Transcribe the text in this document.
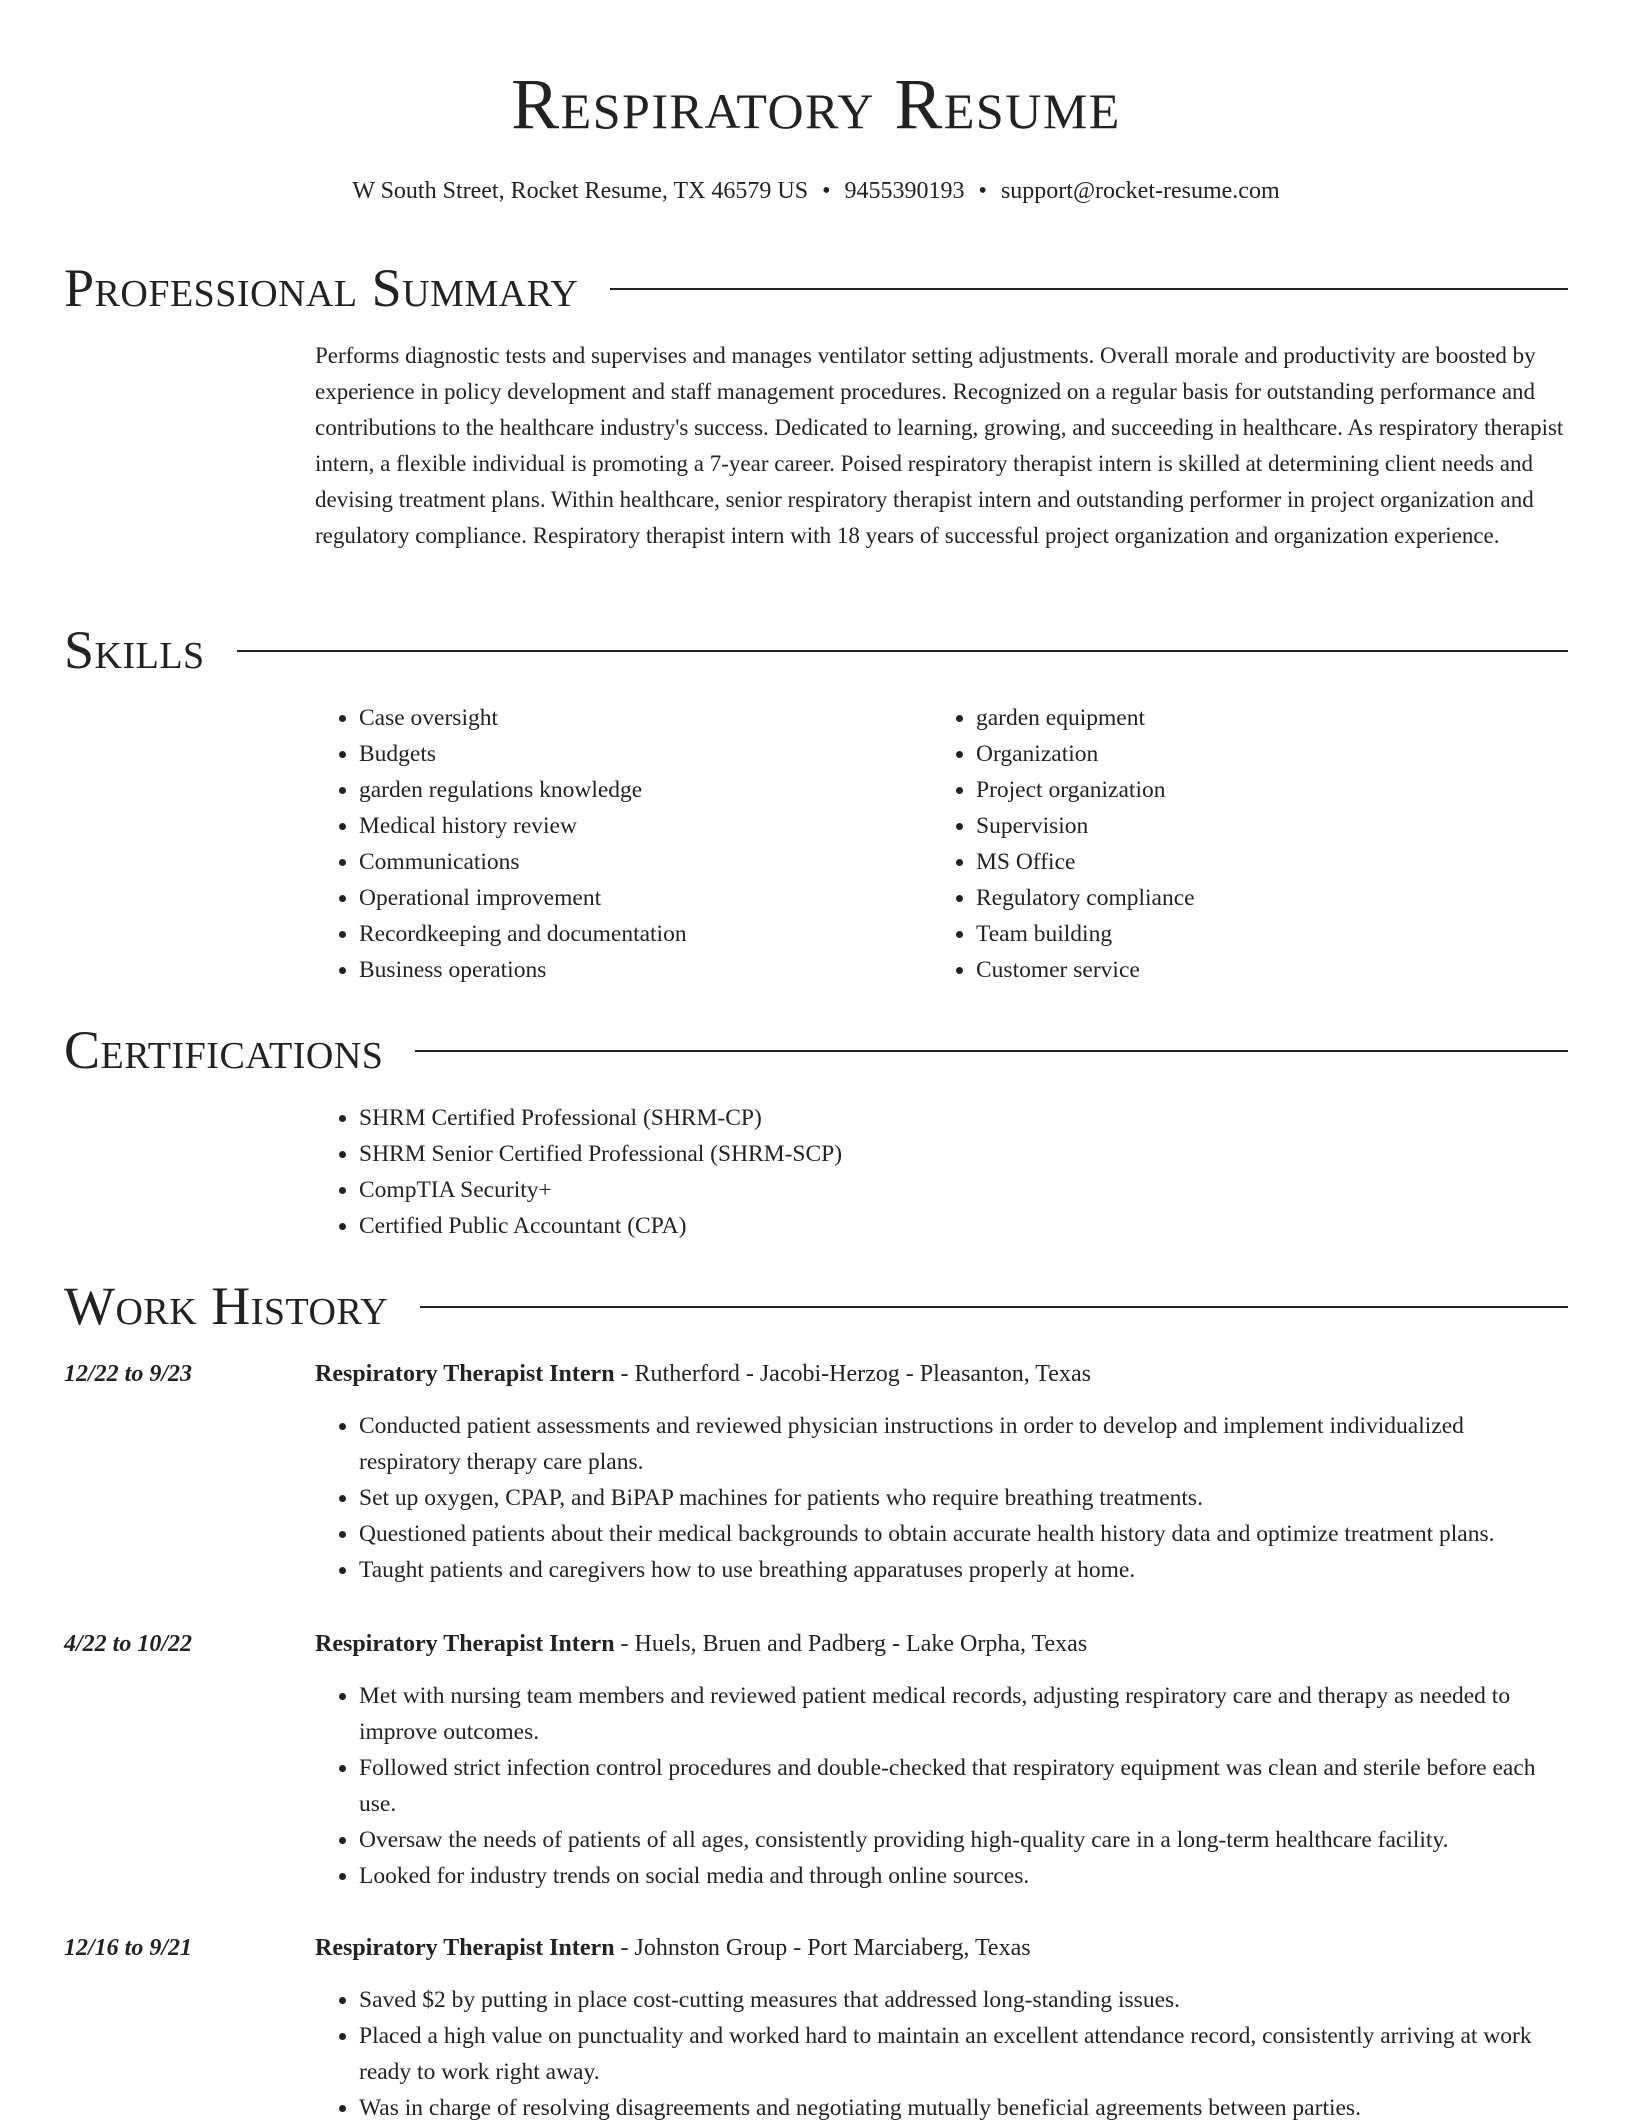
Respiratory Resume
W South Street, Rocket Resume, TX 46579 US • 9455390193 • support@rocket-resume.com
Professional Summary

Performs diagnostic tests and supervises and manages ventilator setting adjustments. Overall morale and productivity are boosted by experience in policy development and staff management procedures. Recognized on a regular basis for outstanding performance and contributions to the healthcare industry's success. Dedicated to learning, growing, and succeeding in healthcare. As respiratory therapist intern, a flexible individual is promoting a 7-year career. Poised respiratory therapist intern is skilled at determining client needs and devising treatment plans. Within healthcare, senior respiratory therapist intern and outstanding performer in project organization and regulatory compliance. Respiratory therapist intern with 18 years of successful project organization and organization experience.

Skills
• Case oversight
• Budgets
• garden regulations knowledge
• Medical history review
• Communications
• Operational improvement
• Recordkeeping and documentation
• Business operations
• garden equipment
• Organization
• Project organization
• Supervision
• MS Office
• Regulatory compliance
• Team building
• Customer service
Certifications
• SHRM Certified Professional (SHRM-CP)
• SHRM Senior Certified Professional (SHRM-SCP)
• CompTIA Security+
• Certified Public Accountant (CPA)
Work History
12/22 to 9/23	Respiratory Therapist Intern - Rutherford - Jacobi-Herzog - Pleasanton, Texas
• Conducted patient assessments and reviewed physician instructions in order to develop and implement individualized respiratory therapy care plans.
• Set up oxygen, CPAP, and BiPAP machines for patients who require breathing treatments.
• Questioned patients about their medical backgrounds to obtain accurate health history data and optimize treatment plans.
• Taught patients and caregivers how to use breathing apparatuses properly at home.
4/22 to 10/22	Respiratory Therapist Intern - Huels, Bruen and Padberg - Lake Orpha, Texas
• Met with nursing team members and reviewed patient medical records, adjusting respiratory care and therapy as needed to improve outcomes.
• Followed strict infection control procedures and double-checked that respiratory equipment was clean and sterile before each use.
• Oversaw the needs of patients of all ages, consistently providing high-quality care in a long-term healthcare facility.
• Looked for industry trends on social media and through online sources.
12/16 to 9/21	Respiratory Therapist Intern - Johnston Group - Port Marciaberg, Texas
• Saved $2 by putting in place cost-cutting measures that addressed long-standing issues.
• Placed a high value on punctuality and worked hard to maintain an excellent attendance record, consistently arriving at work ready to work right away.
• Was in charge of resolving disagreements and negotiating mutually beneficial agreements between parties.
